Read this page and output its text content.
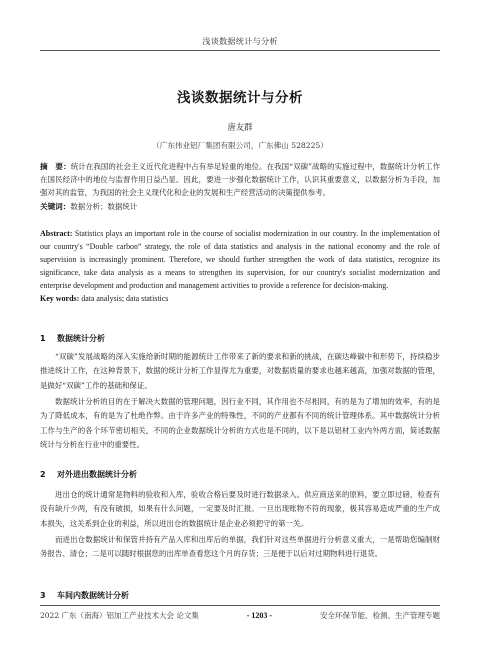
浅谈数据统计与分析
浅谈数据统计与分析
唐友群
（广东伟业铝厂集团有限公司，广东佛山 528225）
摘　要：统计在我国的社会主义近代化进程中占有举足轻重的地位。在我国“双碳”战略的实施过程中，数据统计分析工作在国民经济中的地位与监督作用日益凸显。因此，要进一步强化数据统计工作，认识其重要意义，以数据分析为手段，加强对其的监管，为我国的社会主义现代化和企业的发展和生产经营活动的决策提供参考。
关键词：数据分析；数据统计
Abstract: Statistics plays an important role in the course of socialist modernization in our country. In the implementation of our country's “Double carbon” strategy, the role of data statistics and analysis in the national economy and the role of supervision is increasingly prominent. Therefore, we should further strengthen the work of data statistics, recognize its significance, take data analysis as a means to strengthen its supervision, for our country's socialist modernization and enterprise development and production and management activities to provide a reference for decision-making.
Key words: data analysis; data statistics
1 数据统计分析

“双碳”发展战略的深入实施给新时期的能源统计工作带来了新的要求和新的挑战，在碳达峰碳中和形势下，持续稳步推进统计工作，在这种背景下，数据的统计分析工作显得尤为重要，对数据质量的要求也越来越高，加强对数据的管理，是做好“双碳”工作的基础和保证。

数据统计分析的目的在于解决大数据的管理问题，因行业不同，其作用也不尽相同，有的是为了增加的效率，有的是为了降低成本，有的是为了杜绝作弊。由于许多产业的特殊性，不同的产业都有不同的统计管理体系。其中数据统计分析工作与生产的各个环节密切相关，不同的企业数据统计分析的方式也是不同的，以下是以铝材工业内外两方面，简述数据统计与分析在行业中的重要性。

2 对外进出数据统计分析

进出仓的统计通常是物料的验收和入库，验收合格后要及时进行数据录入。供应商送来的原料，要立即过磅，检查有没有缺斤少两，有没有破损，如果有什么问题，一定要及时汇报。一旦出现账物不符的现象，极其容易造成严重的生产成本损失，这关系到企业的利益，所以进出仓的数据统计是企业必须把守的第一关。

而进出仓数据统计和保管并持有产品入库和出库后的单据，我们针对这些单据进行分析意义重大，一是帮助您编制财务报告、清仓；二是可以随时根据您的出库单查看您这个月的存货；三是便于以后对过期物料进行退货。

3 车间内数据统计分析
2022 广东（南海）铝加工产业技术大会 论文集	- 1203 -	安全环保节能、检测、生产管理专题
